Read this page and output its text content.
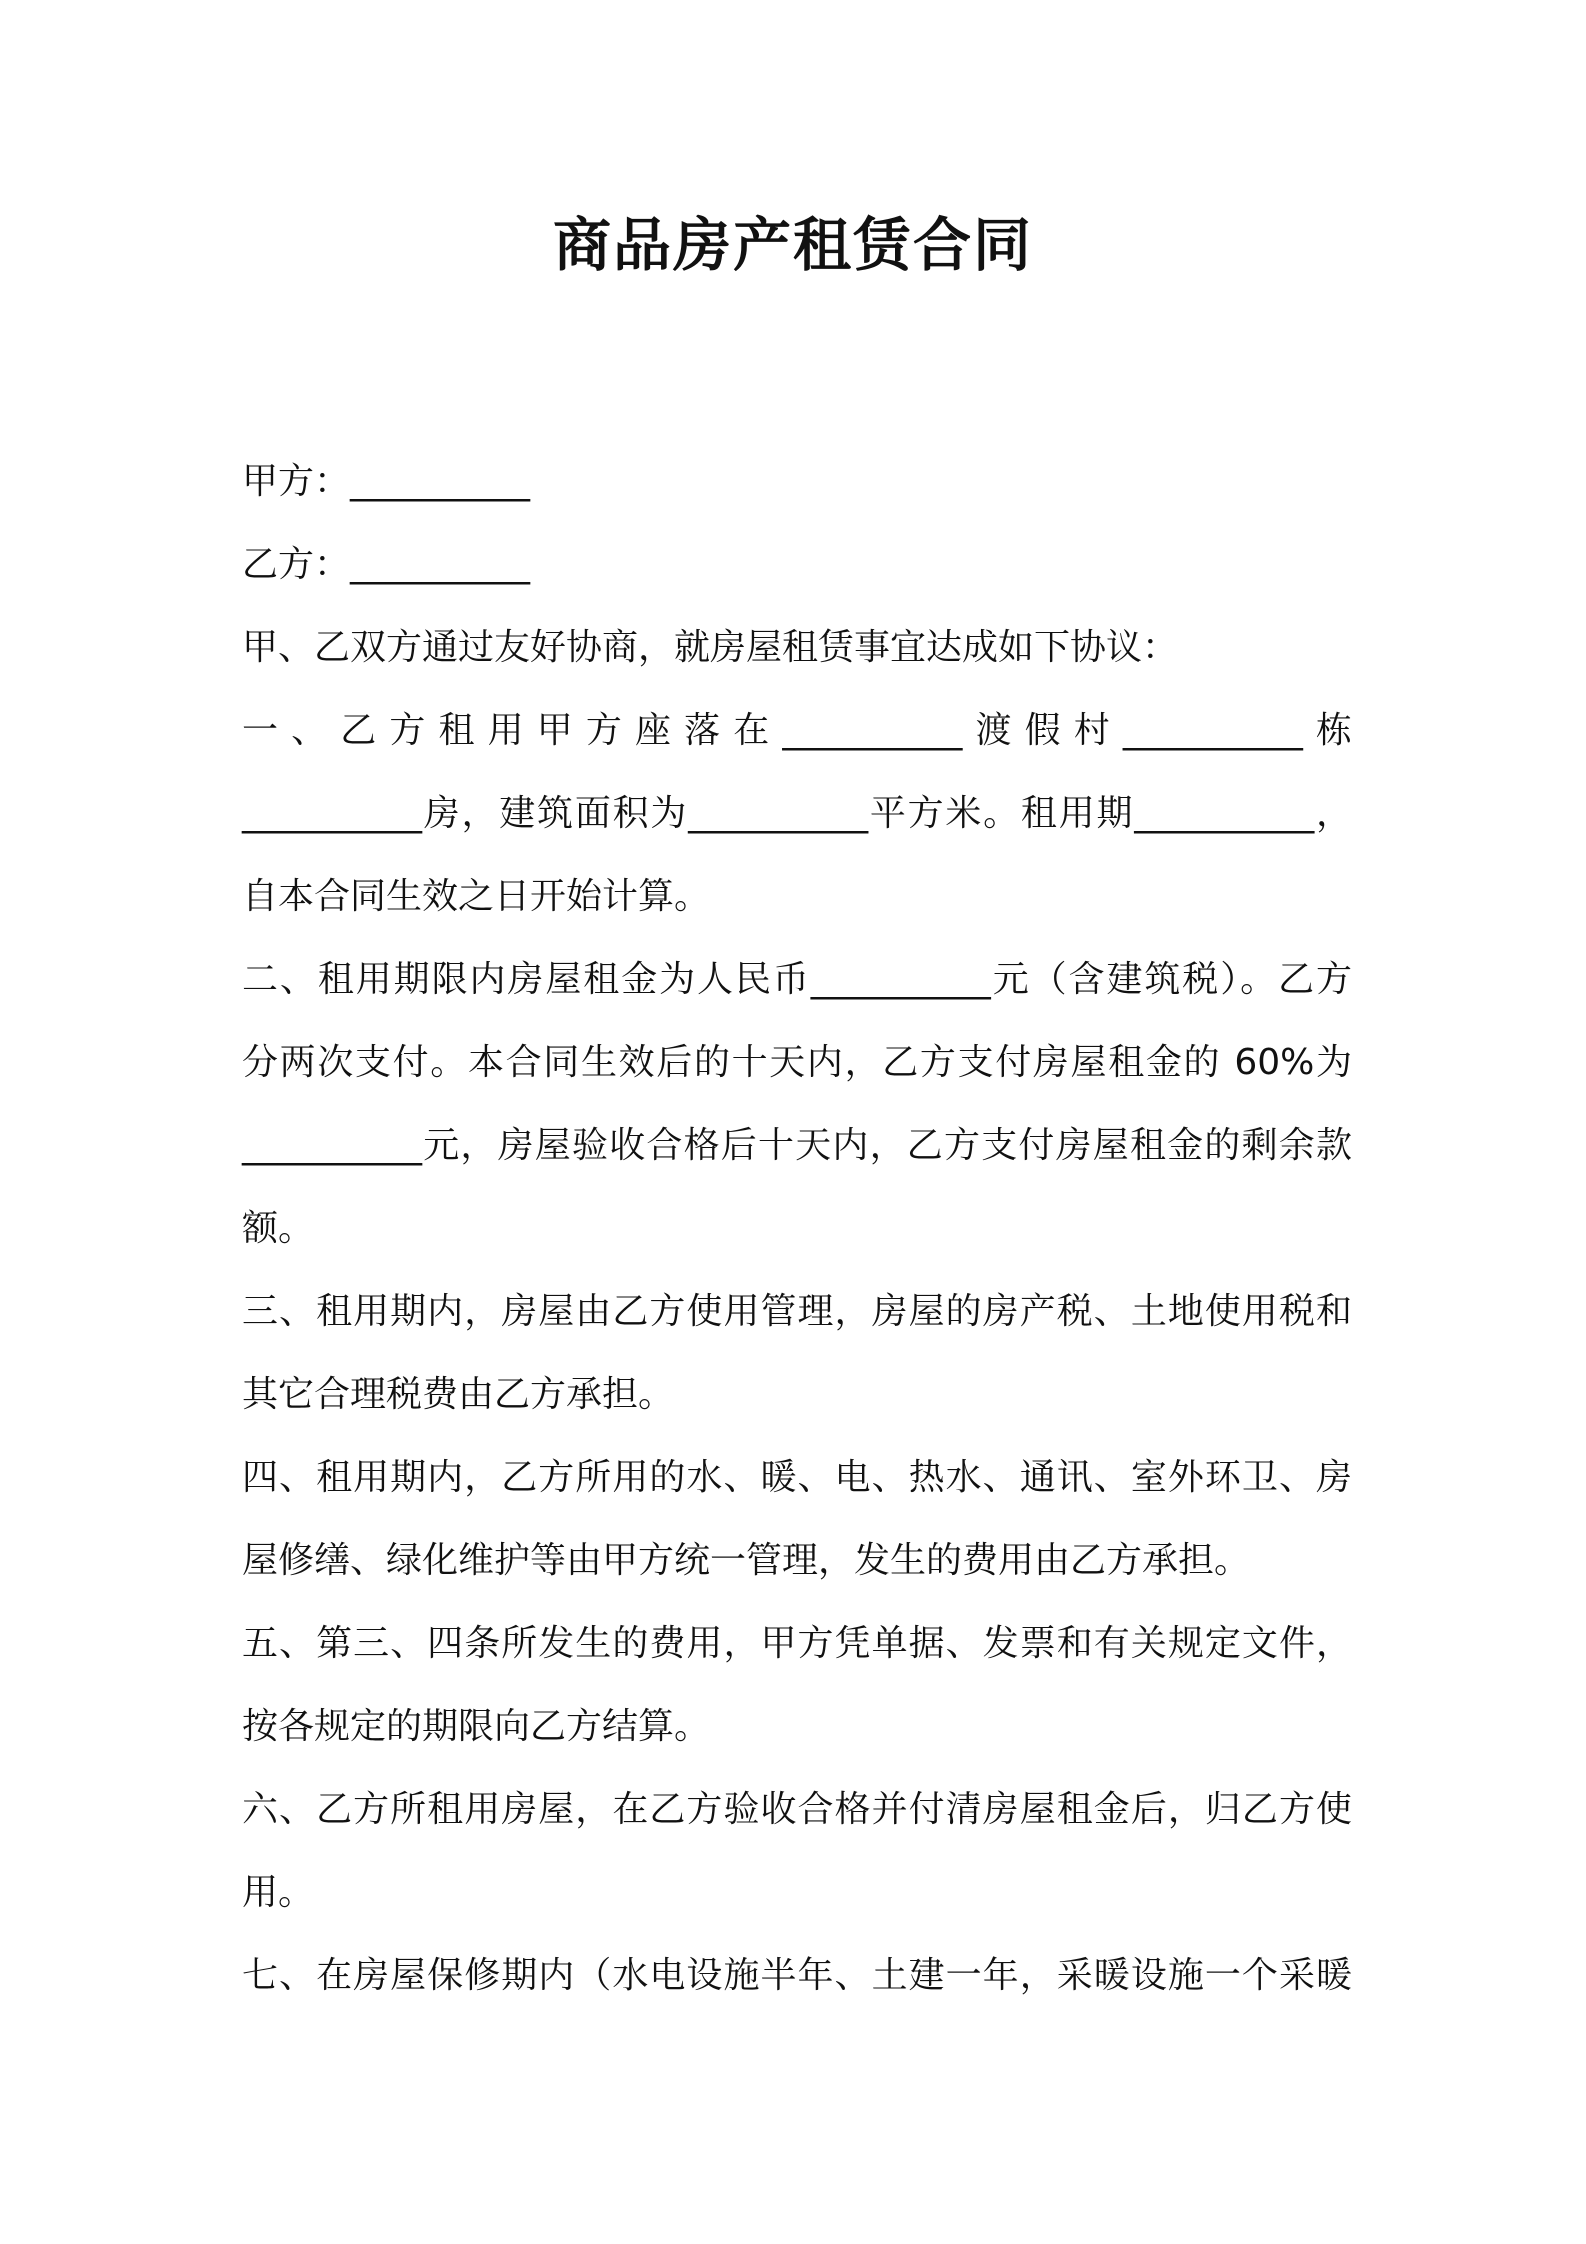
商品房产租赁合同
甲方：__________
乙方：__________
甲、乙双方通过友好协商，就房屋租赁事宜达成如下协议：
一、乙方租用甲方座落在__________渡假村__________栋
__________房，建筑面积为__________平方米。租用期__________，
自本合同生效之日开始计算。
二、租用期限内房屋租金为人民币__________元（含建筑税）。乙方
分两次支付。本合同生效后的十天内，乙方支付房屋租金的 60%为
__________元，房屋验收合格后十天内，乙方支付房屋租金的剩余款
额。
三、租用期内，房屋由乙方使用管理，房屋的房产税、土地使用税和
其它合理税费由乙方承担。
四、租用期内，乙方所用的水、暖、电、热水、通讯、室外环卫、房
屋修缮、绿化维护等由甲方统一管理，发生的费用由乙方承担。
五、第三、四条所发生的费用，甲方凭单据、发票和有关规定文件，
按各规定的期限向乙方结算。
六、乙方所租用房屋，在乙方验收合格并付清房屋租金后，归乙方使
用。
七、在房屋保修期内（水电设施半年、土建一年，采暖设施一个采暖
